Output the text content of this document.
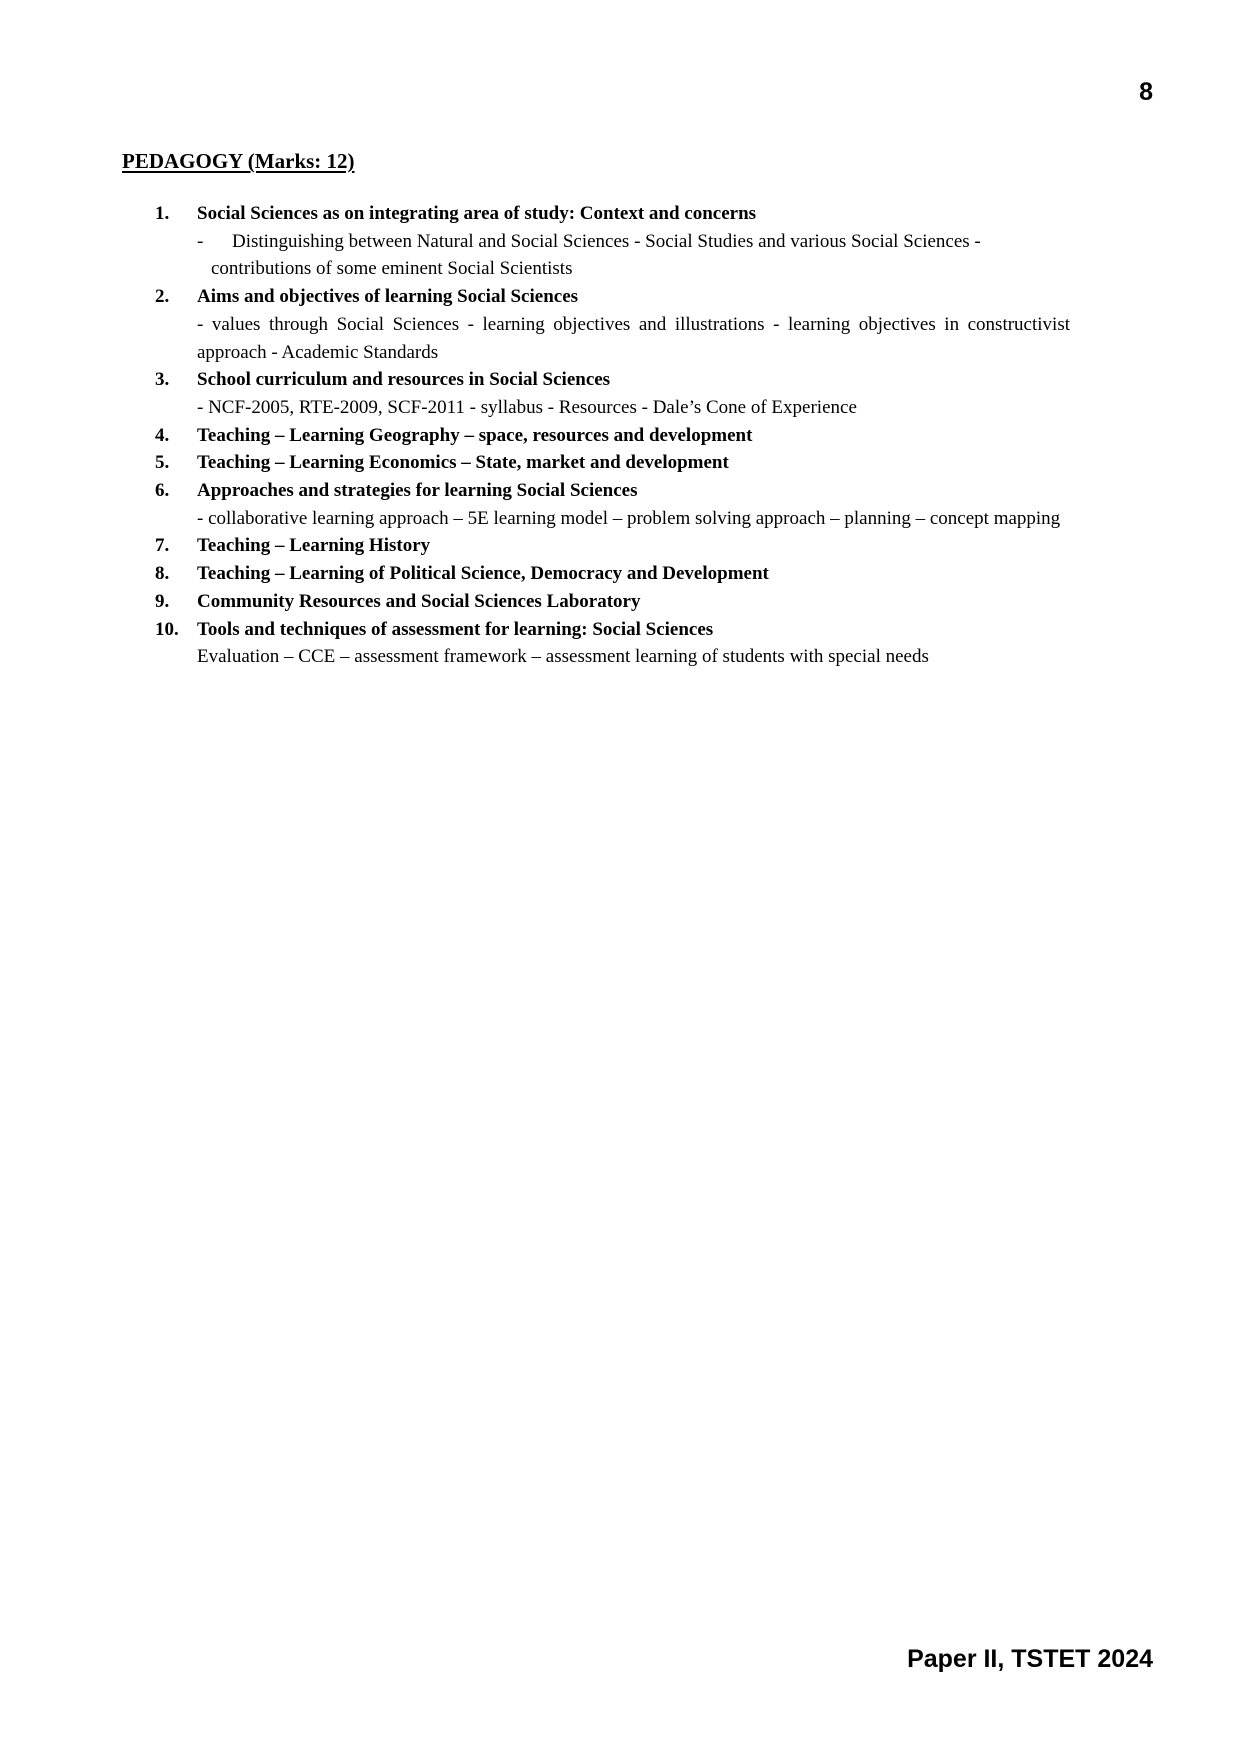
8
PEDAGOGY (Marks: 12)
1. Social Sciences as on integrating area of study: Context and concerns
- Distinguishing between Natural and Social Sciences - Social Studies and various Social Sciences - contributions of some eminent Social Scientists
2. Aims and objectives of learning Social Sciences
- values through Social Sciences - learning objectives and illustrations - learning objectives in constructivist approach - Academic Standards
3. School curriculum and resources in Social Sciences
- NCF-2005, RTE-2009, SCF-2011 - syllabus - Resources - Dale’s Cone of Experience
4. Teaching – Learning Geography – space, resources and development
5. Teaching – Learning Economics – State, market and development
6. Approaches and strategies for learning Social Sciences
- collaborative learning approach – 5E learning model – problem solving approach – planning – concept mapping
7. Teaching – Learning History
8. Teaching – Learning of Political Science, Democracy and Development
9. Community Resources and Social Sciences Laboratory
10. Tools and techniques of assessment for learning: Social Sciences
Evaluation – CCE – assessment framework – assessment learning of students with special needs
Paper II, TSTET 2024
